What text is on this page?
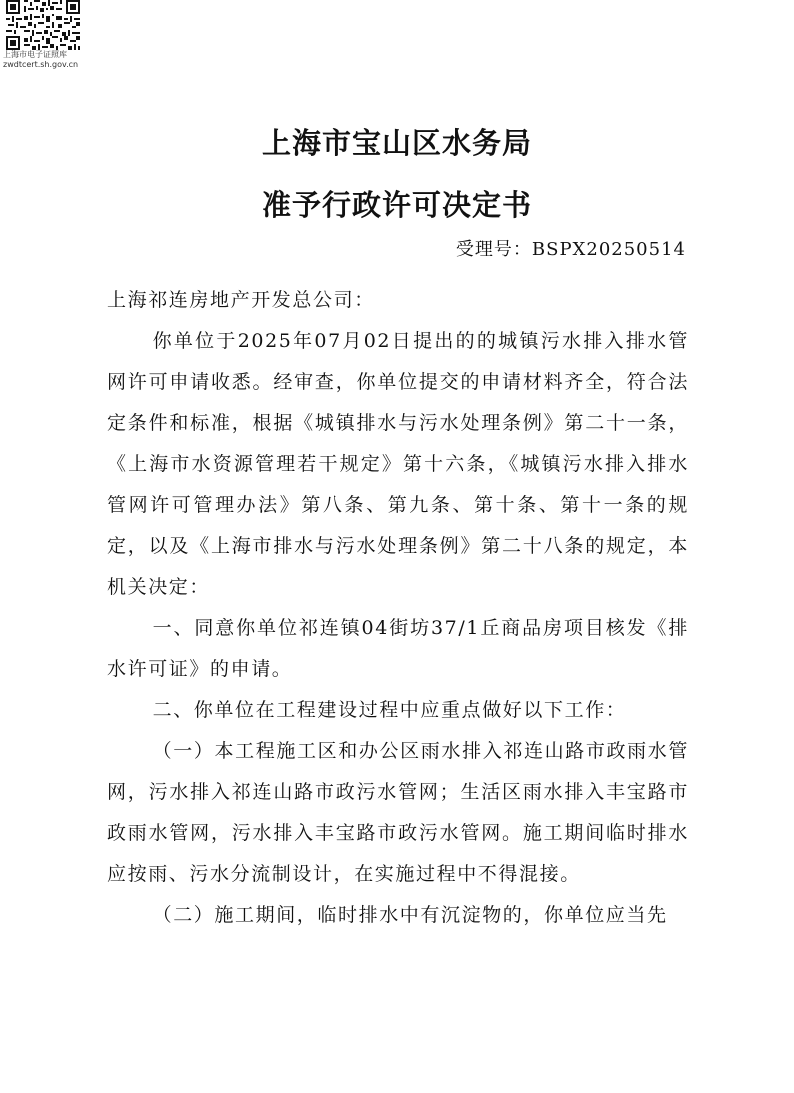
上海市电子证照库
zwdtcert.sh.gov.cn
上海市宝山区水务局
准予行政许可决定书
受理号：BSPX20250514

上海祁连房地产开发总公司：

你单位于2025年07月02日提出的的城镇污水排入排水管网许可申请收悉。经审查，你单位提交的申请材料齐全，符合法定条件和标准，根据《城镇排水与污水处理条例》第二十一条，《上海市水资源管理若干规定》第十六条，《城镇污水排入排水管网许可管理办法》第八条、第九条、第十条、第十一条的规定，以及《上海市排水与污水处理条例》第二十八条的规定，本机关决定：

一、同意你单位祁连镇04街坊37/1丘商品房项目核发《排水许可证》的申请。

二、你单位在工程建设过程中应重点做好以下工作：

（一）本工程施工区和办公区雨水排入祁连山路市政雨水管网，污水排入祁连山路市政污水管网；生活区雨水排入丰宝路市政雨水管网，污水排入丰宝路市政污水管网。施工期间临时排水应按雨、污水分流制设计，在实施过程中不得混接。

（二）施工期间，临时排水中有沉淀物的，你单位应当先
